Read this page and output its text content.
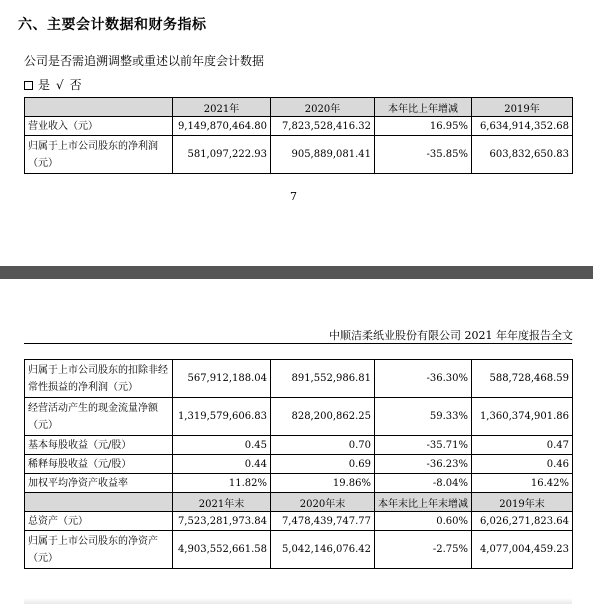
六、主要会计数据和财务指标
公司是否需追溯调整或重述以前年度会计数据
是 √ 否
	2021年	2020年	本年比上年增减	2019年
营业收入（元）	9,149,870,464.80	7,823,528,416.32	16.95%	6,634,914,352.68
归属于上市公司股东的净利润（元）	581,097,222.93	905,889,081.41	-35.85%	603,832,650.83
7
中顺洁柔纸业股份有限公司 2021 年年度报告全文
归属于上市公司股东的扣除非经常性损益的净利润（元）	567,912,188.04	891,552,986.81	-36.30%	588,728,468.59
经营活动产生的现金流量净额（元）	1,319,579,606.83	828,200,862.25	59.33%	1,360,374,901.86
基本每股收益（元/股）	0.45	0.70	-35.71%	0.47
稀释每股收益（元/股）	0.44	0.69	-36.23%	0.46
加权平均净资产收益率	11.82%	19.86%	-8.04%	16.42%
	2021年末	2020年末	本年末比上年末增减	2019年末
总资产（元）	7,523,281,973.84	7,478,439,747.77	0.60%	6,026,271,823.64
归属于上市公司股东的净资产（元）	4,903,552,661.58	5,042,146,076.42	-2.75%	4,077,004,459.23
